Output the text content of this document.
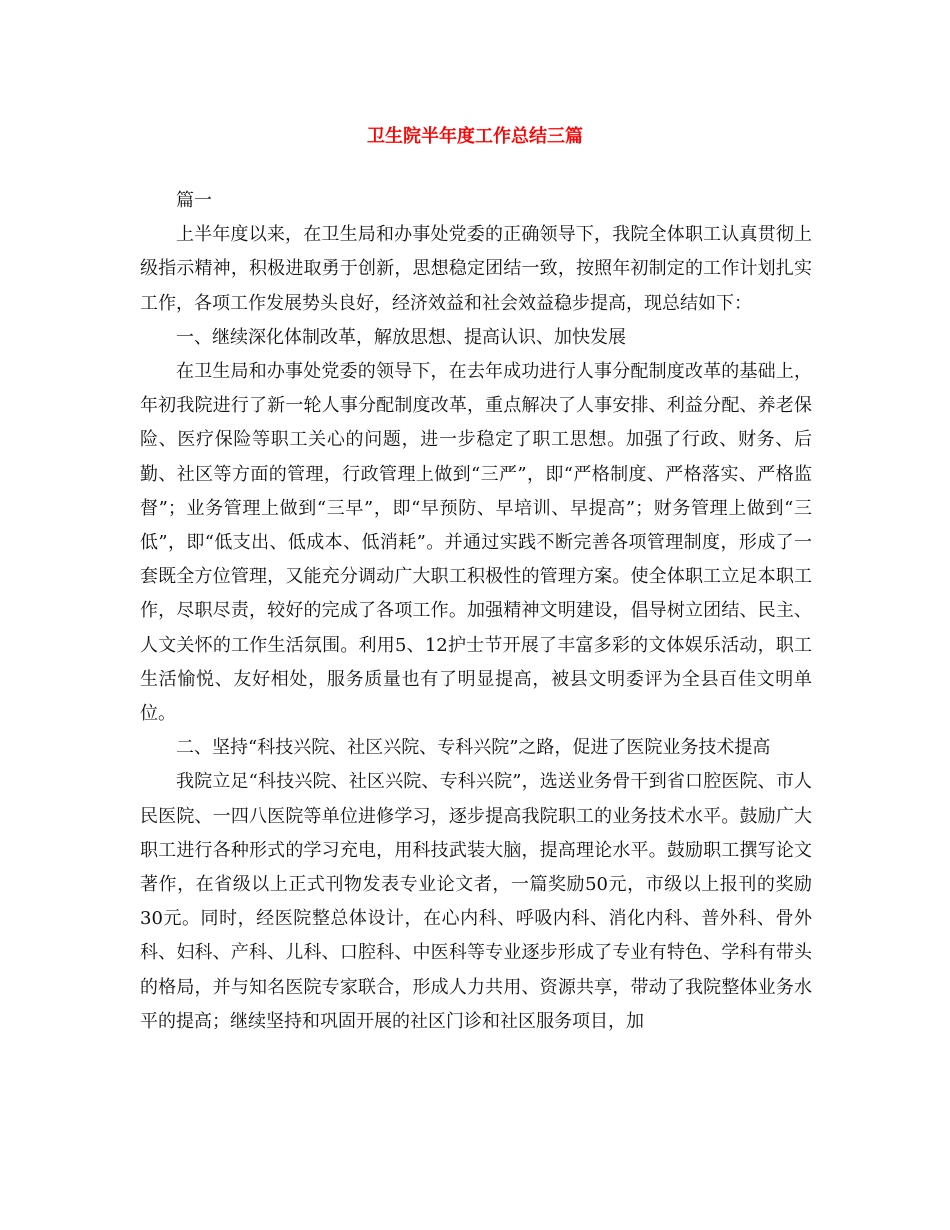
卫生院半年度工作总结三篇

篇一

上半年度以来，在卫生局和办事处党委的正确领导下，我院全体职工认真贯彻上级指示精神，积极进取勇于创新，思想稳定团结一致，按照年初制定的工作计划扎实工作，各项工作发展势头良好，经济效益和社会效益稳步提高，现总结如下：

一、继续深化体制改革，解放思想、提高认识、加快发展

在卫生局和办事处党委的领导下，在去年成功进行人事分配制度改革的基础上，年初我院进行了新一轮人事分配制度改革，重点解决了人事安排、利益分配、养老保险、医疗保险等职工关心的问题，进一步稳定了职工思想。加强了行政、财务、后勤、社区等方面的管理，行政管理上做到“三严”，即“严格制度、严格落实、严格监督”；业务管理上做到“三早”，即“早预防、早培训、早提高”；财务管理上做到“三低”，即“低支出、低成本、低消耗”。并通过实践不断完善各项管理制度，形成了一套既全方位管理，又能充分调动广大职工积极性的管理方案。使全体职工立足本职工作，尽职尽责，较好的完成了各项工作。加强精神文明建设，倡导树立团结、民主、人文关怀的工作生活氛围。利用5、12护士节开展了丰富多彩的文体娱乐活动，职工生活愉悦、友好相处，服务质量也有了明显提高，被县文明委评为全县百佳文明单位。

二、坚持“科技兴院、社区兴院、专科兴院”之路，促进了医院业务技术提高

我院立足“科技兴院、社区兴院、专科兴院”，选送业务骨干到省口腔医院、市人民医院、一四八医院等单位进修学习，逐步提高我院职工的业务技术水平。鼓励广大职工进行各种形式的学习充电，用科技武装大脑，提高理论水平。鼓励职工撰写论文著作，在省级以上正式刊物发表专业论文者，一篇奖励50元，市级以上报刊的奖励30元。同时，经医院整总体设计，在心内科、呼吸内科、消化内科、普外科、骨外科、妇科、产科、儿科、口腔科、中医科等专业逐步形成了专业有特色、学科有带头的格局，并与知名医院专家联合，形成人力共用、资源共享，带动了我院整体业务水平的提高；继续坚持和巩固开展的社区门诊和社区服务项目，加
